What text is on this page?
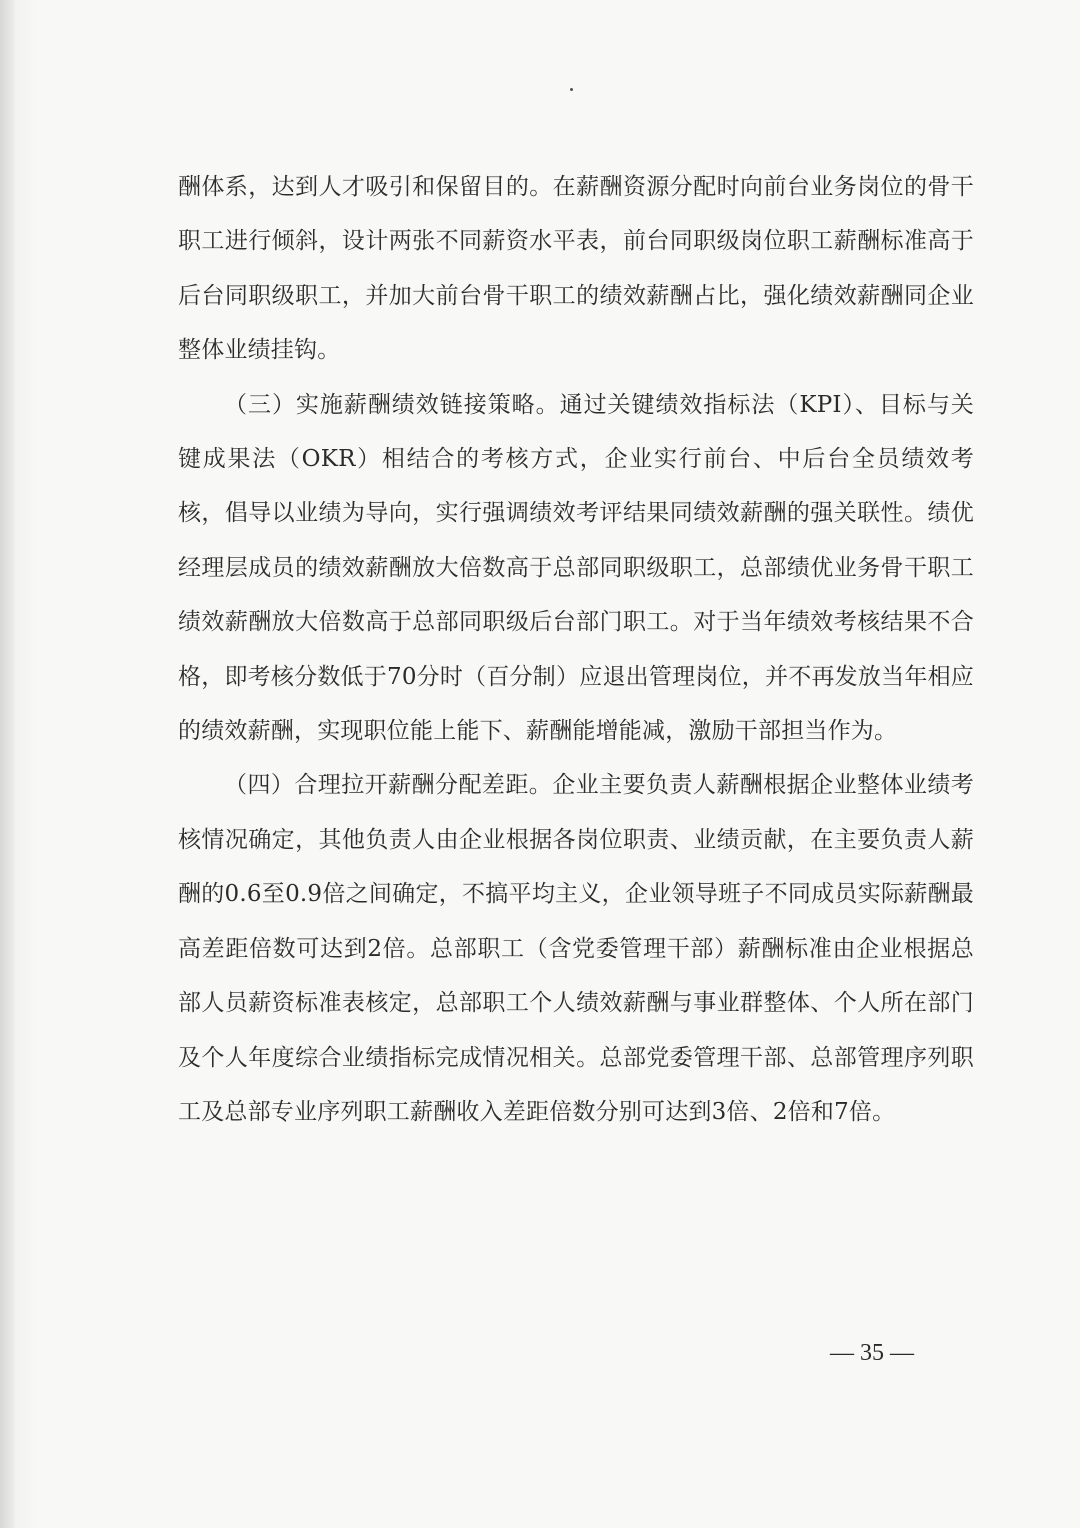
酬体系，达到人才吸引和保留目的。在薪酬资源分配时向前台业务岗位的骨干职工进行倾斜，设计两张不同薪资水平表，前台同职级岗位职工薪酬标准高于后台同职级职工，并加大前台骨干职工的绩效薪酬占比，强化绩效薪酬同企业整体业绩挂钩。

（三）实施薪酬绩效链接策略。通过关键绩效指标法（KPI）、目标与关键成果法（OKR）相结合的考核方式，企业实行前台、中后台全员绩效考核，倡导以业绩为导向，实行强调绩效考评结果同绩效薪酬的强关联性。绩优经理层成员的绩效薪酬放大倍数高于总部同职级职工，总部绩优业务骨干职工绩效薪酬放大倍数高于总部同职级后台部门职工。对于当年绩效考核结果不合格，即考核分数低于70分时（百分制）应退出管理岗位，并不再发放当年相应的绩效薪酬，实现职位能上能下、薪酬能增能减，激励干部担当作为。

（四）合理拉开薪酬分配差距。企业主要负责人薪酬根据企业整体业绩考核情况确定，其他负责人由企业根据各岗位职责、业绩贡献，在主要负责人薪酬的0.6至0.9倍之间确定，不搞平均主义，企业领导班子不同成员实际薪酬最高差距倍数可达到2倍。总部职工（含党委管理干部）薪酬标准由企业根据总部人员薪资标准表核定，总部职工个人绩效薪酬与事业群整体、个人所在部门及个人年度综合业绩指标完成情况相关。总部党委管理干部、总部管理序列职工及总部专业序列职工薪酬收入差距倍数分别可达到3倍、2倍和7倍。

— 35 —
